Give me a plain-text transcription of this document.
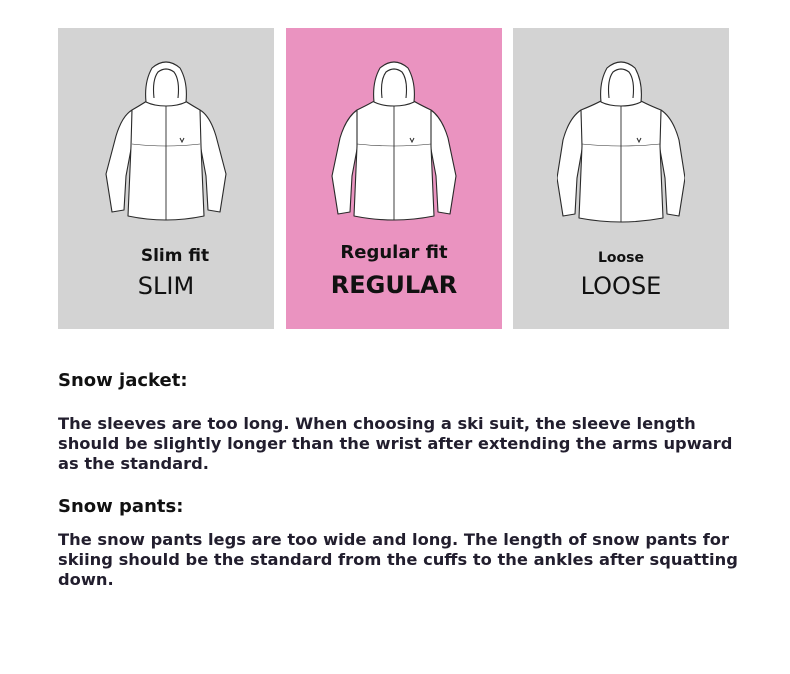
Slim fit
SLIM
Regular fit
REGULAR
Loose
LOOSE
Snow jacket:

The sleeves are too long. When choosing a ski suit, the sleeve length should be slightly longer than the wrist after extending the arms upward as the standard.

Snow pants:

The snow pants legs are too wide and long. The length of snow pants for skiing should be the standard from the cuffs to the ankles after squatting down.
